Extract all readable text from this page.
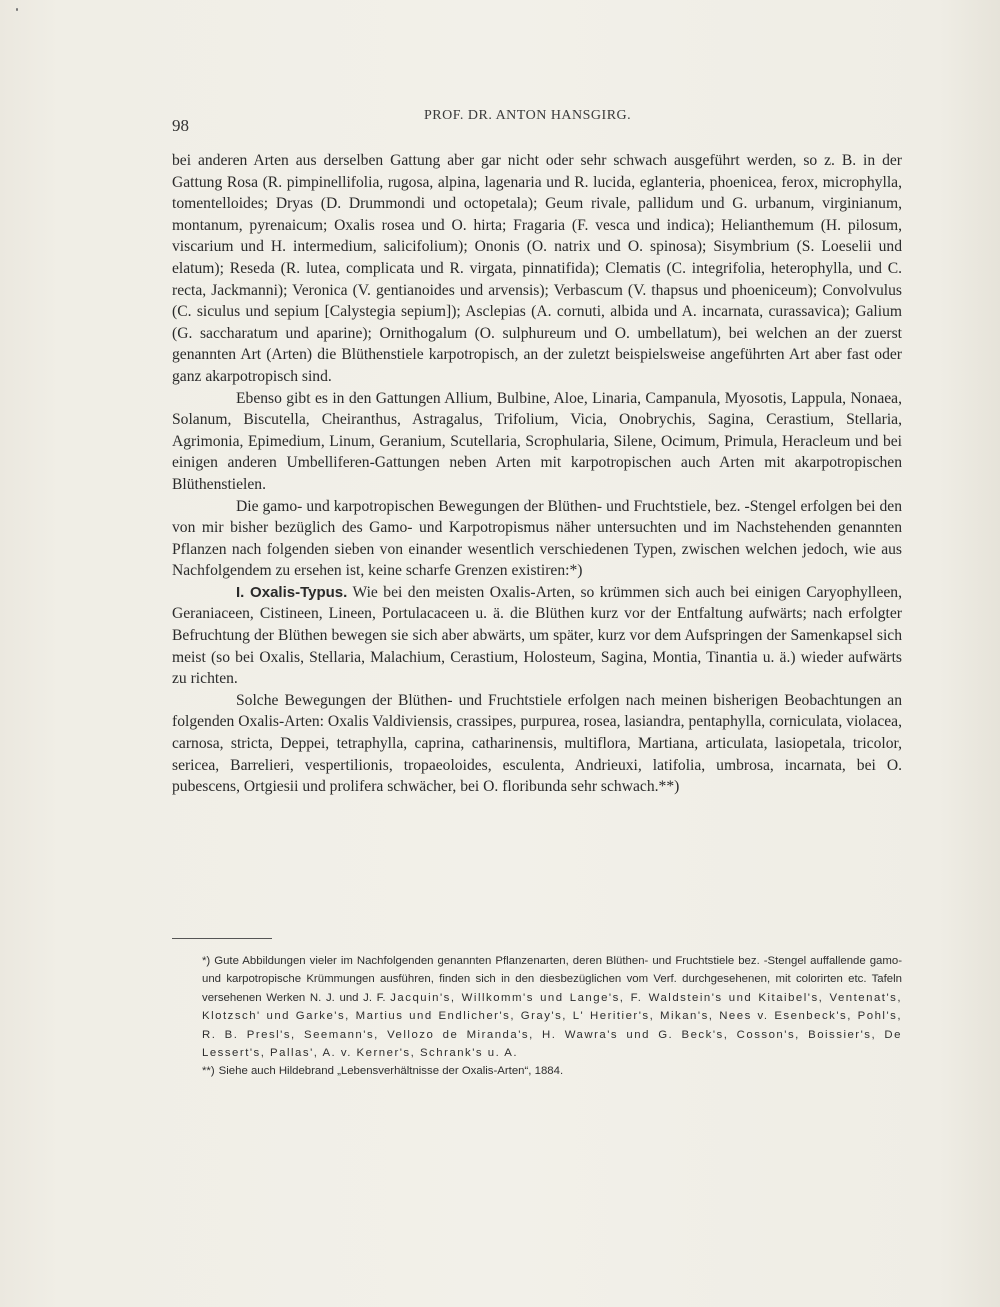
98
PROF. DR. ANTON HANSGIRG.

bei anderen Arten aus derselben Gattung aber gar nicht oder sehr schwach ausgeführt werden, so z. B. in der Gattung Rosa (R. pimpinellifolia, rugosa, alpina, lagenaria und R. lucida, eglanteria, phoenicea, ferox, microphylla, tomentelloides; Dryas (D. Drummondi und octopetala); Geum rivale, pallidum und G. urbanum, virginianum, montanum, pyrenaicum; Oxalis rosea und O. hirta; Fragaria (F. vesca und indica); Helianthemum (H. pilosum, viscarium und H. intermedium, salicifolium); Ononis (O. natrix und O. spinosa); Sisymbrium (S. Loeselii und elatum); Reseda (R. lutea, complicata und R. virgata, pinnatifida); Clematis (C. integrifolia, heterophylla, und C. recta, Jackmanni); Veronica (V. gentianoides und arvensis); Verbascum (V. thapsus und phoeniceum); Convolvulus (C. siculus und sepium [Calystegia sepium]); Asclepias (A. cornuti, albida und A. incarnata, curassavica); Galium (G. saccharatum und aparine); Ornithogalum (O. sulphureum und O. umbellatum), bei welchen an der zuerst genannten Art (Arten) die Blüthenstiele karpotropisch, an der zuletzt beispielsweise angeführten Art aber fast oder ganz akarpotropisch sind.

Ebenso gibt es in den Gattungen Allium, Bulbine, Aloe, Linaria, Campanula, Myosotis, Lappula, Nonaea, Solanum, Biscutella, Cheiranthus, Astragalus, Trifolium, Vicia, Onobrychis, Sagina, Cerastium, Stellaria, Agrimonia, Epimedium, Linum, Geranium, Scutellaria, Scrophularia, Silene, Ocimum, Primula, Heracleum und bei einigen anderen Umbelliferen-Gattungen neben Arten mit karpotropischen auch Arten mit akarpotropischen Blüthenstielen.

Die gamo- und karpotropischen Bewegungen der Blüthen- und Fruchtstiele, bez. -Stengel erfolgen bei den von mir bisher bezüglich des Gamo- und Karpotropismus näher untersuchten und im Nachstehenden genannten Pflanzen nach folgenden sieben von einander wesentlich verschiedenen Typen, zwischen welchen jedoch, wie aus Nachfolgendem zu ersehen ist, keine scharfe Grenzen existiren:*)

I. Oxalis-Typus. Wie bei den meisten Oxalis-Arten, so krümmen sich auch bei einigen Caryophylleen, Geraniaceen, Cistineen, Lineen, Portulacaceen u. ä. die Blüthen kurz vor der Entfaltung aufwärts; nach erfolgter Befruchtung der Blüthen bewegen sie sich aber abwärts, um später, kurz vor dem Aufspringen der Samenkapsel sich meist (so bei Oxalis, Stellaria, Malachium, Cerastium, Holosteum, Sagina, Montia, Tinantia u. ä.) wieder aufwärts zu richten.

Solche Bewegungen der Blüthen- und Fruchtstiele erfolgen nach meinen bisherigen Beobachtungen an folgenden Oxalis-Arten: Oxalis Valdiviensis, crassipes, purpurea, rosea, lasiandra, pentaphylla, corniculata, violacea, carnosa, stricta, Deppei, tetraphylla, caprina, catharinensis, multiflora, Martiana, articulata, lasiopetala, tricolor, sericea, Barrelieri, vespertilionis, tropaeoloides, esculenta, Andrieuxi, latifolia, umbrosa, incarnata, bei O. pubescens, Ortgiesii und prolifera schwächer, bei O. floribunda sehr schwach.**)

*) Gute Abbildungen vieler im Nachfolgenden genannten Pflanzenarten, deren Blüthen- und Fruchtstiele bez. -Stengel auffallende gamo- und karpotropische Krümmungen ausführen, finden sich in den diesbezüglichen vom Verf. durchgesehenen, mit colorirten etc. Tafeln versehenen Werken N. J. und J. F. Jacquin's, Willkomm's und Lange's, F. Waldstein's und Kitaibel's, Ventenat's, Klotzsch' und Garke's, Martius und Endlicher's, Gray's, L' Heritier's, Mikan's, Nees v. Esenbeck's, Pohl's, R. B. Presl's, Seemann's, Vellozo de Miranda's, H. Wawra's und G. Beck's, Cosson's, Boissier's, De Lessert's, Pallas', A. v. Kerner's, Schrank's u. A.

**) Siehe auch Hildebrand „Lebensverhältnisse der Oxalis-Arten“, 1884.
